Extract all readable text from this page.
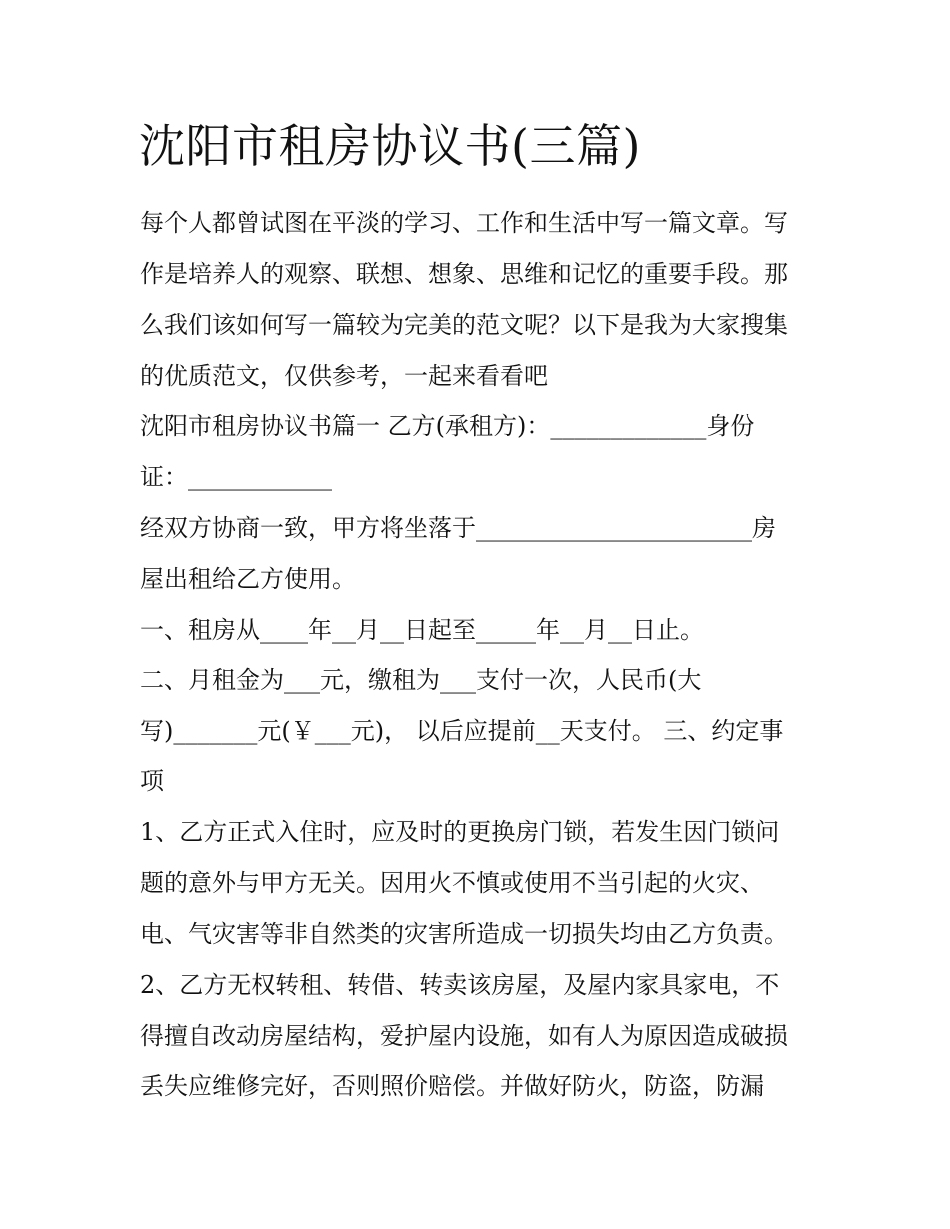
沈阳市租房协议书(三篇)

每个人都曾试图在平淡的学习、工作和生活中写一篇文章。写

作是培养人的观察、联想、想象、思维和记忆的重要手段。那

么我们该如何写一篇较为完美的范文呢？以下是我为大家搜集

的优质范文，仅供参考，一起来看看吧

沈阳市租房协议书篇一 乙方(承租方)：_____________身份

证：____________

经双方协商一致，甲方将坐落于_______________________房

屋出租给乙方使用。

一、租房从____年__月__日起至_____年__月__日止。

二、月租金为___元，缴租为___支付一次，人民币(大

写)_______元(￥___元)， 以后应提前__天支付。 三、约定事

项

1、乙方正式入住时，应及时的更换房门锁，若发生因门锁问

题的意外与甲方无关。因用火不慎或使用不当引起的火灾、

电、气灾害等非自然类的灾害所造成一切损失均由乙方负责。

2、乙方无权转租、转借、转卖该房屋，及屋内家具家电，不

得擅自改动房屋结构，爱护屋内设施，如有人为原因造成破损

丢失应维修完好，否则照价赔偿。并做好防火，防盗，防漏
